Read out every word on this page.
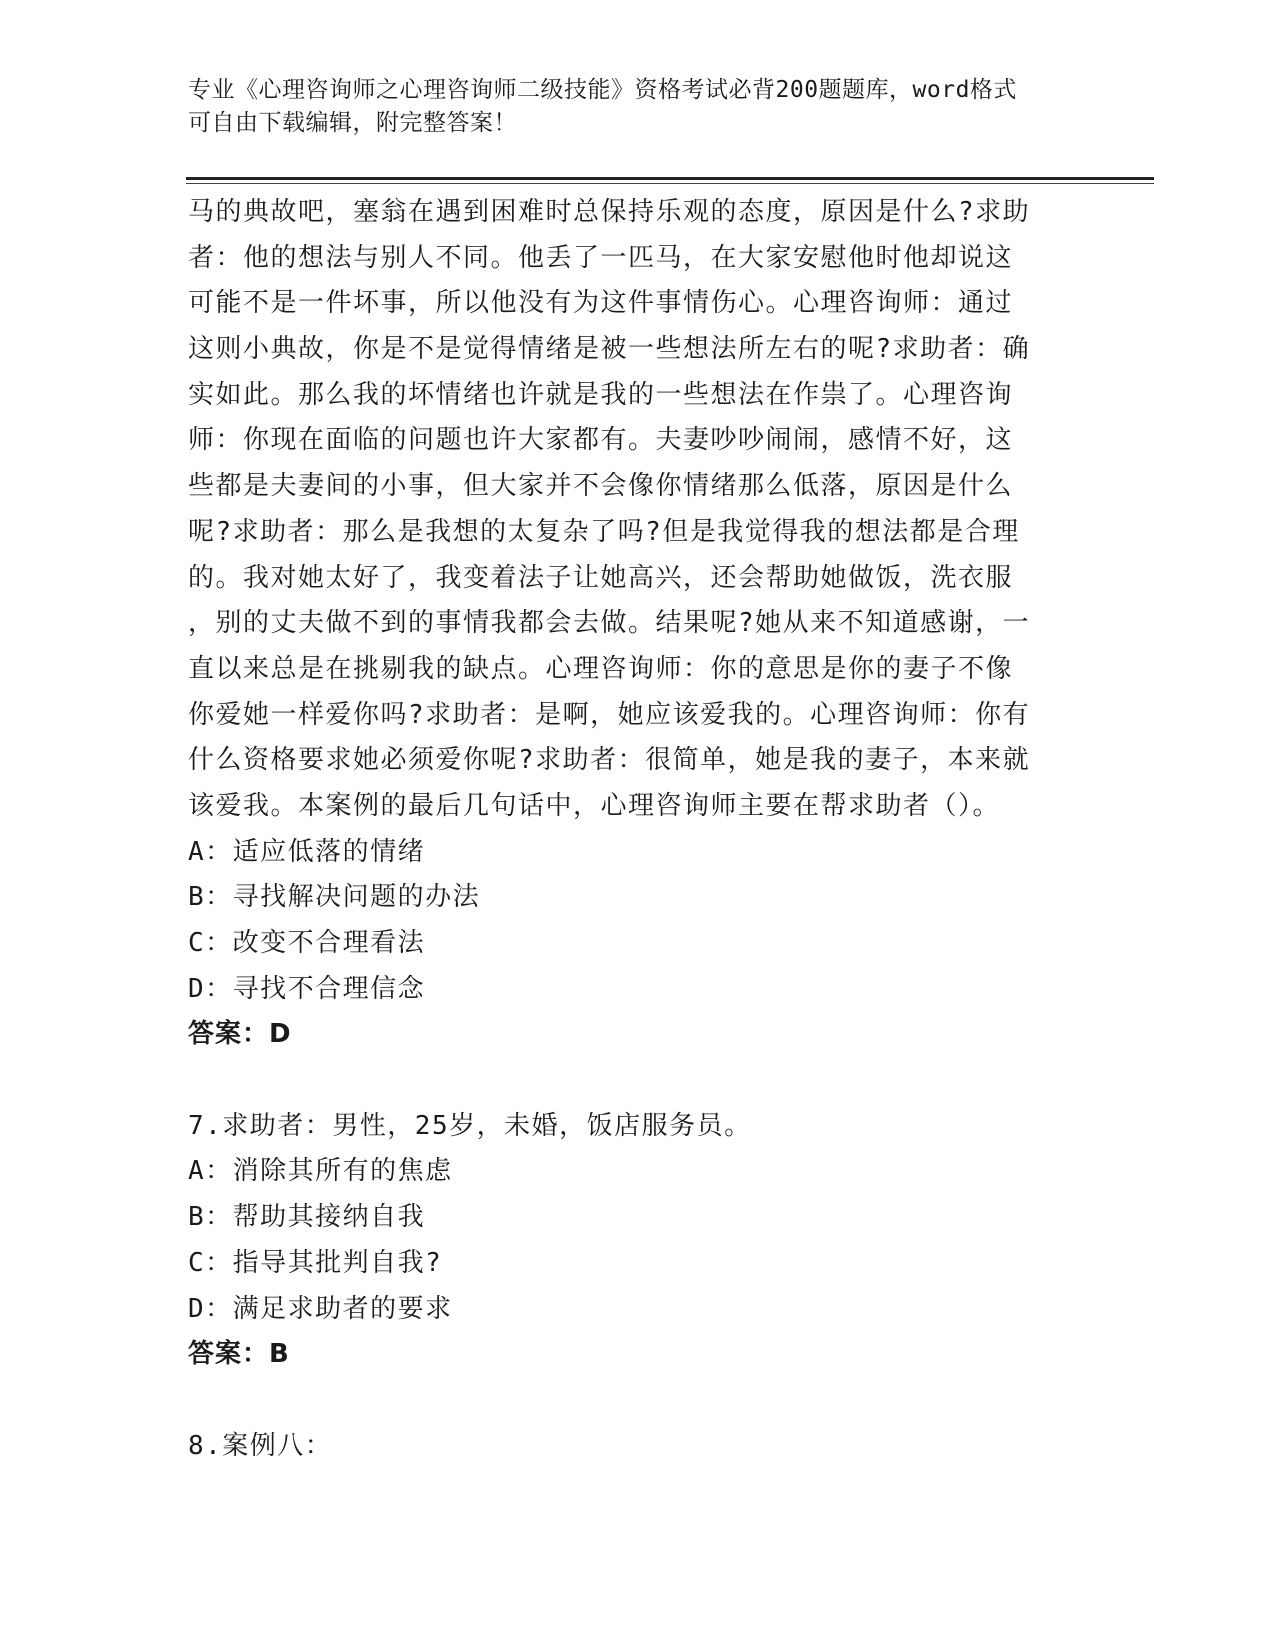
专业《心理咨询师之心理咨询师二级技能》资格考试必背200题题库，word格式
可自由下载编辑，附完整答案！
马的典故吧，塞翁在遇到困难时总保持乐观的态度，原因是什么?求助
者：他的想法与别人不同。他丢了一匹马，在大家安慰他时他却说这
可能不是一件坏事，所以他没有为这件事情伤心。心理咨询师：通过
这则小典故，你是不是觉得情绪是被一些想法所左右的呢?求助者：确
实如此。那么我的坏情绪也许就是我的一些想法在作祟了。心理咨询
师：你现在面临的问题也许大家都有。夫妻吵吵闹闹，感情不好，这
些都是夫妻间的小事，但大家并不会像你情绪那么低落，原因是什么
呢?求助者：那么是我想的太复杂了吗?但是我觉得我的想法都是合理
的。我对她太好了，我变着法子让她高兴，还会帮助她做饭，洗衣服
，别的丈夫做不到的事情我都会去做。结果呢?她从来不知道感谢，一
直以来总是在挑剔我的缺点。心理咨询师：你的意思是你的妻子不像
你爱她一样爱你吗?求助者：是啊，她应该爱我的。心理咨询师：你有
什么资格要求她必须爱你呢?求助者：很简单，她是我的妻子，本来就
该爱我。本案例的最后几句话中，心理咨询师主要在帮求助者（）。
A：适应低落的情绪
B：寻找解决问题的办法
C：改变不合理看法
D：寻找不合理信念
答案：D
7.求助者：男性，25岁，未婚，饭店服务员。
A：消除其所有的焦虑
B：帮助其接纳自我
C：指导其批判自我?
D：满足求助者的要求
答案：B
8.案例八：
